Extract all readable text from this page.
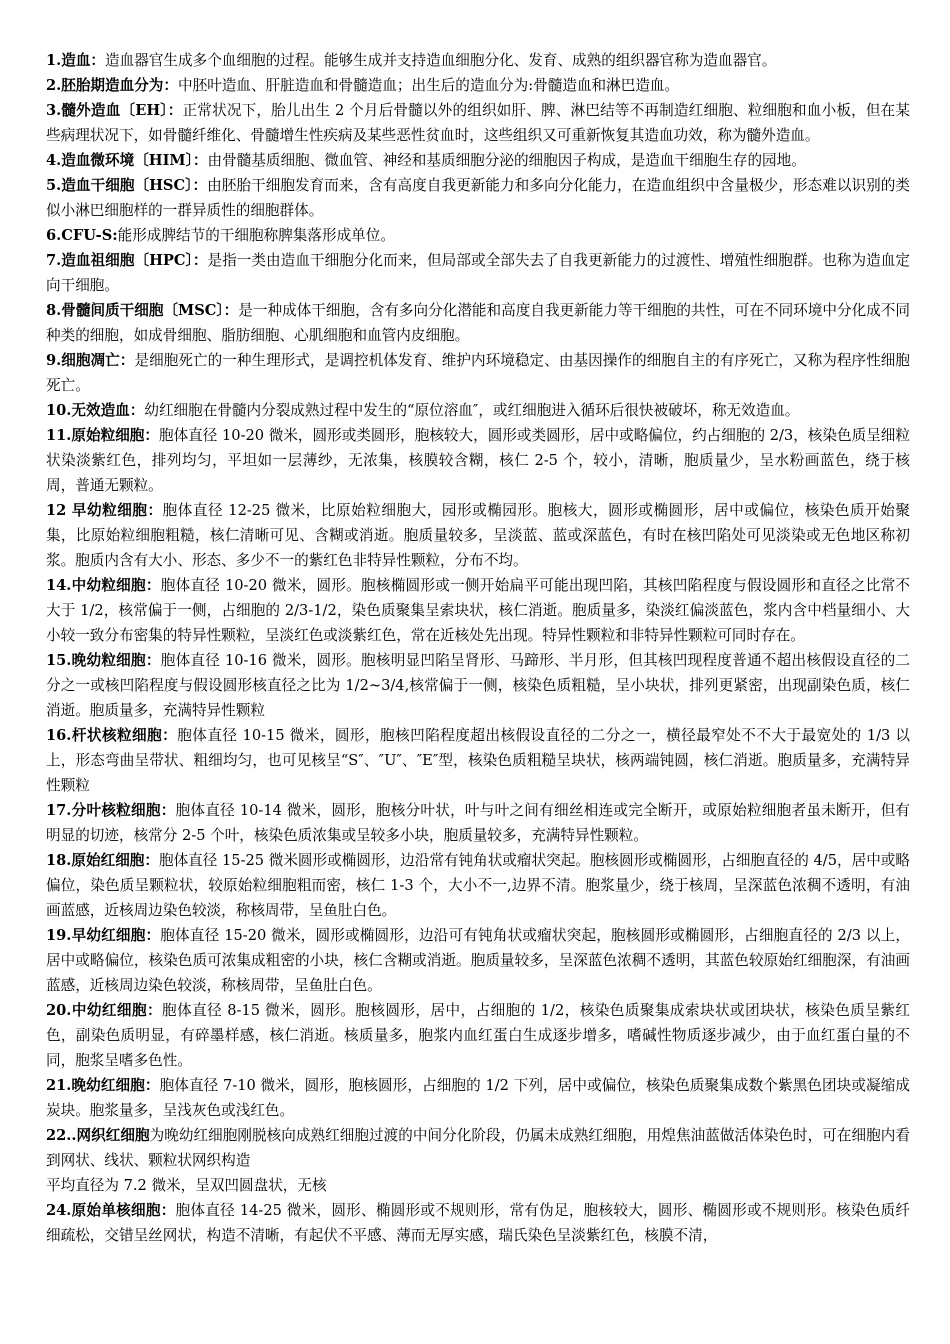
1.造血：造血器官生成多个血细胞的过程。能够生成并支持造血细胞分化、发育、成熟的组织器官称为造血器官。

2.胚胎期造血分为：中胚叶造血、肝脏造血和骨髓造血；出生后的造血分为:骨髓造血和淋巴造血。

3.髓外造血〔EH〕：正常状况下，胎儿出生 2 个月后骨髓以外的组织如肝、脾、淋巴结等不再制造红细胞、粒细胞和血小板，但在某些病理状况下，如骨髓纤维化、骨髓增生性疾病及某些恶性贫血时，这些组织又可重新恢复其造血功效，称为髓外造血。

4.造血微环境〔HIM〕：由骨髓基质细胞、微血管、神经和基质细胞分泌的细胞因子构成，是造血干细胞生存的园地。

5.造血干细胞〔HSC〕：由胚胎干细胞发育而来，含有高度自我更新能力和多向分化能力，在造血组织中含量极少，形态难以识别的类似小淋巴细胞样的一群异质性的细胞群体。

6.CFU-S:能形成脾结节的干细胞称脾集落形成单位。

7.造血祖细胞〔HPC〕：是指一类由造血干细胞分化而来，但局部或全部失去了自我更新能力的过渡性、增殖性细胞群。也称为造血定向干细胞。

8.骨髓间质干细胞〔MSC〕：是一种成体干细胞，含有多向分化潜能和高度自我更新能力等干细胞的共性，可在不同环境中分化成不同种类的细胞，如成骨细胞、脂肪细胞、心肌细胞和血管内皮细胞。

9.细胞凋亡：是细胞死亡的一种生理形式，是调控机体发育、维护内环境稳定、由基因操作的细胞自主的有序死亡，又称为程序性细胞死亡。

10.无效造血：幼红细胞在骨髓内分裂成熟过程中发生的“原位溶血″，或红细胞进入循环后很快被破坏，称无效造血。

11.原始粒细胞：胞体直径 10-20 微米，圆形或类圆形，胞核较大，圆形或类圆形，居中或略偏位，约占细胞的 2/3，核染色质呈细粒状染淡紫红色，排列均匀，平坦如一层薄纱，无浓集，核膜较含糊，核仁 2-5 个，较小，清晰，胞质量少，呈水粉画蓝色，绕于核周，普通无颗粒。

12 早幼粒细胞：胞体直径 12-25 微米，比原始粒细胞大，园形或椭园形。胞核大，圆形或椭圆形，居中或偏位，核染色质开始聚集，比原始粒细胞粗糙，核仁清晰可见、含糊或消逝。胞质量较多，呈淡蓝、蓝或深蓝色，有时在核凹陷处可见淡染或无色地区称初浆。胞质内含有大小、形态、多少不一的紫红色非特异性颗粒，分布不均。

14.中幼粒细胞：胞体直径 10-20 微米，圆形。胞核椭圆形或一侧开始扁平可能出现凹陷，其核凹陷程度与假设圆形和直径之比常不大于 1/2，核常偏于一侧，占细胞的 2/3-1/2，染色质聚集呈索块状，核仁消逝。胞质量多，染淡红偏淡蓝色，浆内含中档量细小、大小较一致分布密集的特异性颗粒，呈淡红色或淡紫红色，常在近核处先出现。特异性颗粒和非特异性颗粒可同时存在。

15.晚幼粒细胞：胞体直径 10-16 微米，圆形。胞核明显凹陷呈肾形、马蹄形、半月形，但其核凹现程度普通不超出核假设直径的二分之一或核凹陷程度与假设圆形核直径之比为 1/2~3/4,核常偏于一侧，核染色质粗糙，呈小块状，排列更紧密，出现副染色质，核仁消逝。胞质量多，充满特异性颗粒

16.杆状核粒细胞：胞体直径 10-15 微米，圆形，胞核凹陷程度超出核假设直径的二分之一，横径最窄处不不大于最宽处的 1/3 以上，形态弯曲呈带状、粗细均匀，也可见核呈“S″、″U″、″E″型，核染色质粗糙呈块状，核两端钝圆，核仁消逝。胞质量多，充满特异性颗粒

17.分叶核粒细胞：胞体直径 10-14 微米，圆形，胞核分叶状，叶与叶之间有细丝相连或完全断开，或原始粒细胞者虽未断开，但有明显的切迹，核常分 2-5 个叶，核染色质浓集或呈较多小块，胞质量较多，充满特异性颗粒。

18.原始红细胞：胞体直径 15-25 微米圆形或椭圆形，边沿常有钝角状或瘤状突起。胞核圆形或椭圆形，占细胞直径的 4/5，居中或略偏位，染色质呈颗粒状，较原始粒细胞粗而密，核仁 1-3 个，大小不一,边界不清。胞浆量少，绕于核周，呈深蓝色浓稠不透明，有油画蓝感，近核周边染色较淡，称核周带，呈鱼肚白色。

19.早幼红细胞：胞体直径 15-20 微米，圆形或椭圆形，边沿可有钝角状或瘤状突起，胞核圆形或椭圆形，占细胞直径的 2/3 以上，居中或略偏位，核染色质可浓集成粗密的小块，核仁含糊或消逝。胞质量较多，呈深蓝色浓稠不透明，其蓝色较原始红细胞深，有油画蓝感，近核周边染色较淡，称核周带，呈鱼肚白色。

20.中幼红细胞：胞体直径 8-15 微米，圆形。胞核圆形，居中，占细胞的 1/2，核染色质聚集成索块状或团块状，核染色质呈紫红色，副染色质明显，有碎墨样感，核仁消逝。核质量多，胞浆内血红蛋白生成逐步增多，嗜碱性物质逐步减少，由于血红蛋白量的不同，胞浆呈嗜多色性。

21.晚幼红细胞：胞体直径 7-10 微米，圆形，胞核圆形，占细胞的 1/2 下列，居中或偏位，核染色质聚集成数个紫黑色团块或凝缩成炭块。胞浆量多，呈浅灰色或浅红色。

22..网织红细胞为晚幼红细胞刚脱核向成熟红细胞过渡的中间分化阶段，仍属未成熟红细胞，用煌焦油蓝做活体染色时，可在细胞内看到网状、线状、颗粒状网织构造

平均直径为 7.2 微米，呈双凹圆盘状，无核

24.原始单核细胞：胞体直径 14-25 微米，圆形、椭圆形或不规则形，常有伪足，胞核较大，圆形、椭圆形或不规则形。核染色质纤细疏松，交错呈丝网状，构造不清晰，有起伏不平感、薄而无厚实感，瑞氏染色呈淡紫红色，核膜不清，
